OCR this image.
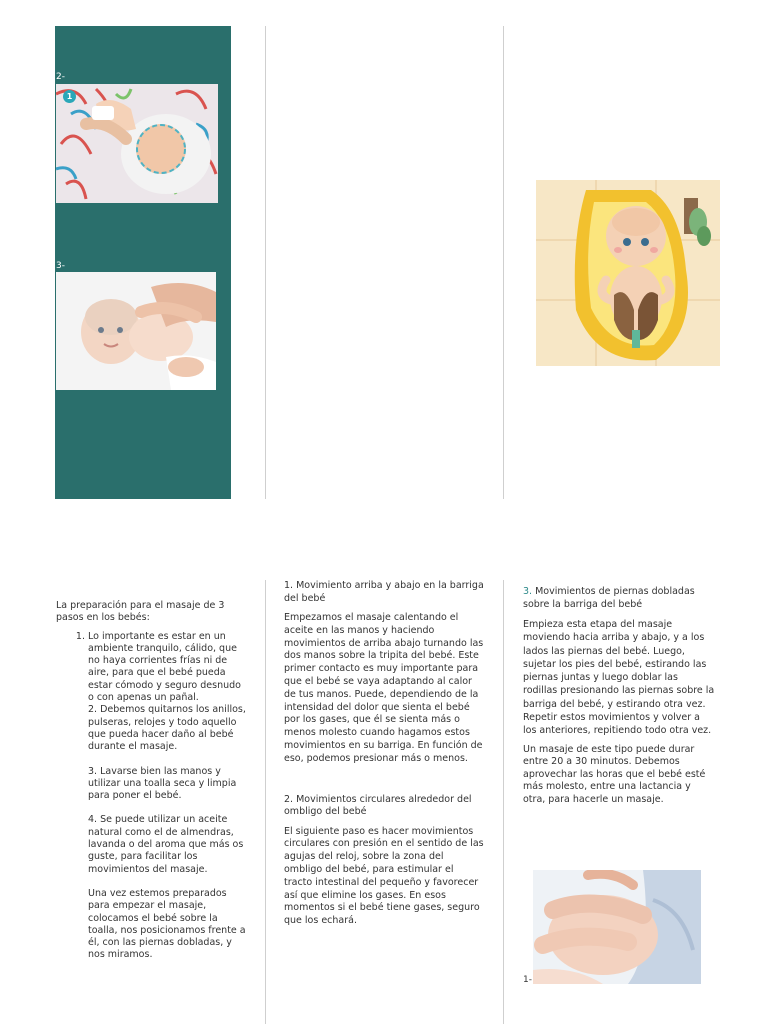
2-
1
3-
1-
La preparación para el masaje de 3 pasos en los bebés:
1. Lo importante es estar en un ambiente tranquilo, cálido, que no haya corrientes frías ni de aire, para que el bebé pueda estar cómodo y seguro desnudo o con apenas un pañal.
2. Debemos quitarnos los anillos, pulseras, relojes y todo aquello que pueda hacer daño al bebé durante el masaje.
3. Lavarse bien las manos y utilizar una toalla seca y limpia para poner el bebé.
4. Se puede utilizar un aceite natural como el de almendras, lavanda o del aroma que más os guste, para facilitar los movimientos del masaje.
Una vez estemos preparados para empezar el masaje, colocamos el bebé sobre la toalla, nos posicionamos frente a él, con las piernas dobladas, y nos miramos.
1. Movimiento arriba y abajo en la barriga del bebé

Empezamos el masaje calentando el aceite en las manos y haciendo movimientos de arriba abajo turnando las dos manos sobre la tripita del bebé. Este primer contacto es muy importante para que el bebé se vaya adaptando al calor de tus manos. Puede, dependiendo de la intensidad del dolor que sienta el bebé por los gases, que él se sienta más o menos molesto cuando hagamos estos movimientos en su barriga. En función de eso, podemos presionar más o menos.

2. Movimientos circulares alrededor del ombligo del bebé

El siguiente paso es hacer movimientos circulares con presión en el sentido de las agujas del reloj, sobre la zona del ombligo del bebé, para estimular el tracto intestinal del pequeño y favorecer así que elimine los gases. En esos momentos si el bebé tiene gases, seguro que los echará.

3. Movimientos de piernas dobladas sobre la barriga del bebé

Empieza esta etapa del masaje moviendo hacia arriba y abajo, y a los lados las piernas del bebé. Luego, sujetar los pies del bebé, estirando las piernas juntas y luego doblar las rodillas presionando las piernas sobre la barriga del bebé, y estirando otra vez. Repetir estos movimientos y volver a los anteriores, repitiendo todo otra vez.

Un masaje de este tipo puede durar entre 20 a 30 minutos. Debemos aprovechar las horas que el bebé esté más molesto, entre una lactancia y otra, para hacerle un masaje.
